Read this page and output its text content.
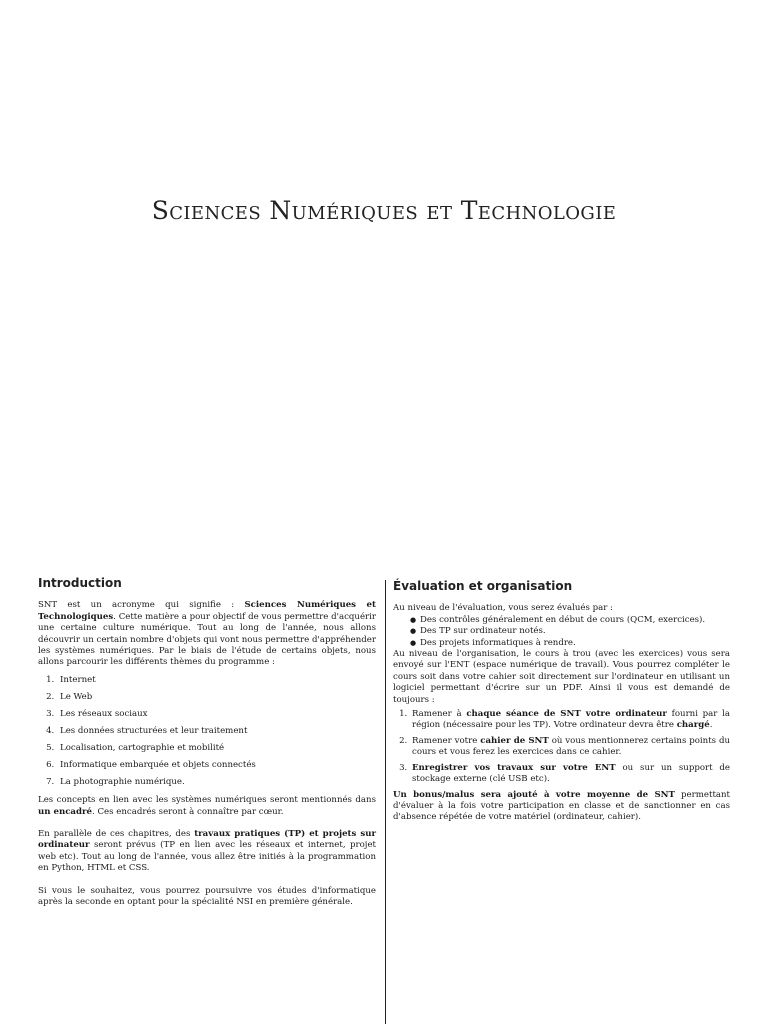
Sciences Numériques et Technologie
Introduction

SNT est un acronyme qui signifie : Sciences Numériques et Technologiques. Cette matière a pour objectif de vous permettre d'acquérir une certaine culture numérique. Tout au long de l'année, nous allons découvrir un certain nombre d'objets qui vont nous permettre d'appréhender les systèmes numériques. Par le biais de l'étude de certains objets, nous allons parcourir les différents thèmes du programme :

1. Internet
2. Le Web
3. Les réseaux sociaux
4. Les données structurées et leur traitement
5. Localisation, cartographie et mobilité
6. Informatique embarquée et objets connectés
7. La photographie numérique.

Les concepts en lien avec les systèmes numériques seront mentionnés dans un encadré. Ces encadrés seront à connaître par cœur.

En parallèle de ces chapitres, des travaux pratiques (TP) et projets sur ordinateur seront prévus (TP en lien avec les réseaux et internet, projet web etc). Tout au long de l'année, vous allez être initiés à la programmation en Python, HTML et CSS.

Si vous le souhaitez, vous pourrez poursuivre vos études d'informatique après la seconde en optant pour la spécialité NSI en première générale.

Évaluation et organisation

Au niveau de l'évaluation, vous serez évalués par :

● Des contrôles généralement en début de cours (QCM, exercices).
● Des TP sur ordinateur notés.
● Des projets informatiques à rendre.

Au niveau de l'organisation, le cours à trou (avec les exercices) vous sera envoyé sur l'ENT (espace numérique de travail). Vous pourrez compléter le cours soit dans votre cahier soit directement sur l'ordinateur en utilisant un logiciel permettant d'écrire sur un PDF. Ainsi il vous est demandé de toujours :

1. Ramener à chaque séance de SNT votre ordinateur fourni par la région (nécessaire pour les TP). Votre ordinateur devra être chargé.
2. Ramener votre cahier de SNT où vous mentionnerez certains points du cours et vous ferez les exercices dans ce cahier.
3. Enregistrer vos travaux sur votre ENT ou sur un support de stockage externe (clé USB etc).

Un bonus/malus sera ajouté à votre moyenne de SNT permettant d'évaluer à la fois votre participation en classe et de sanctionner en cas d'absence répétée de votre matériel (ordinateur, cahier).
